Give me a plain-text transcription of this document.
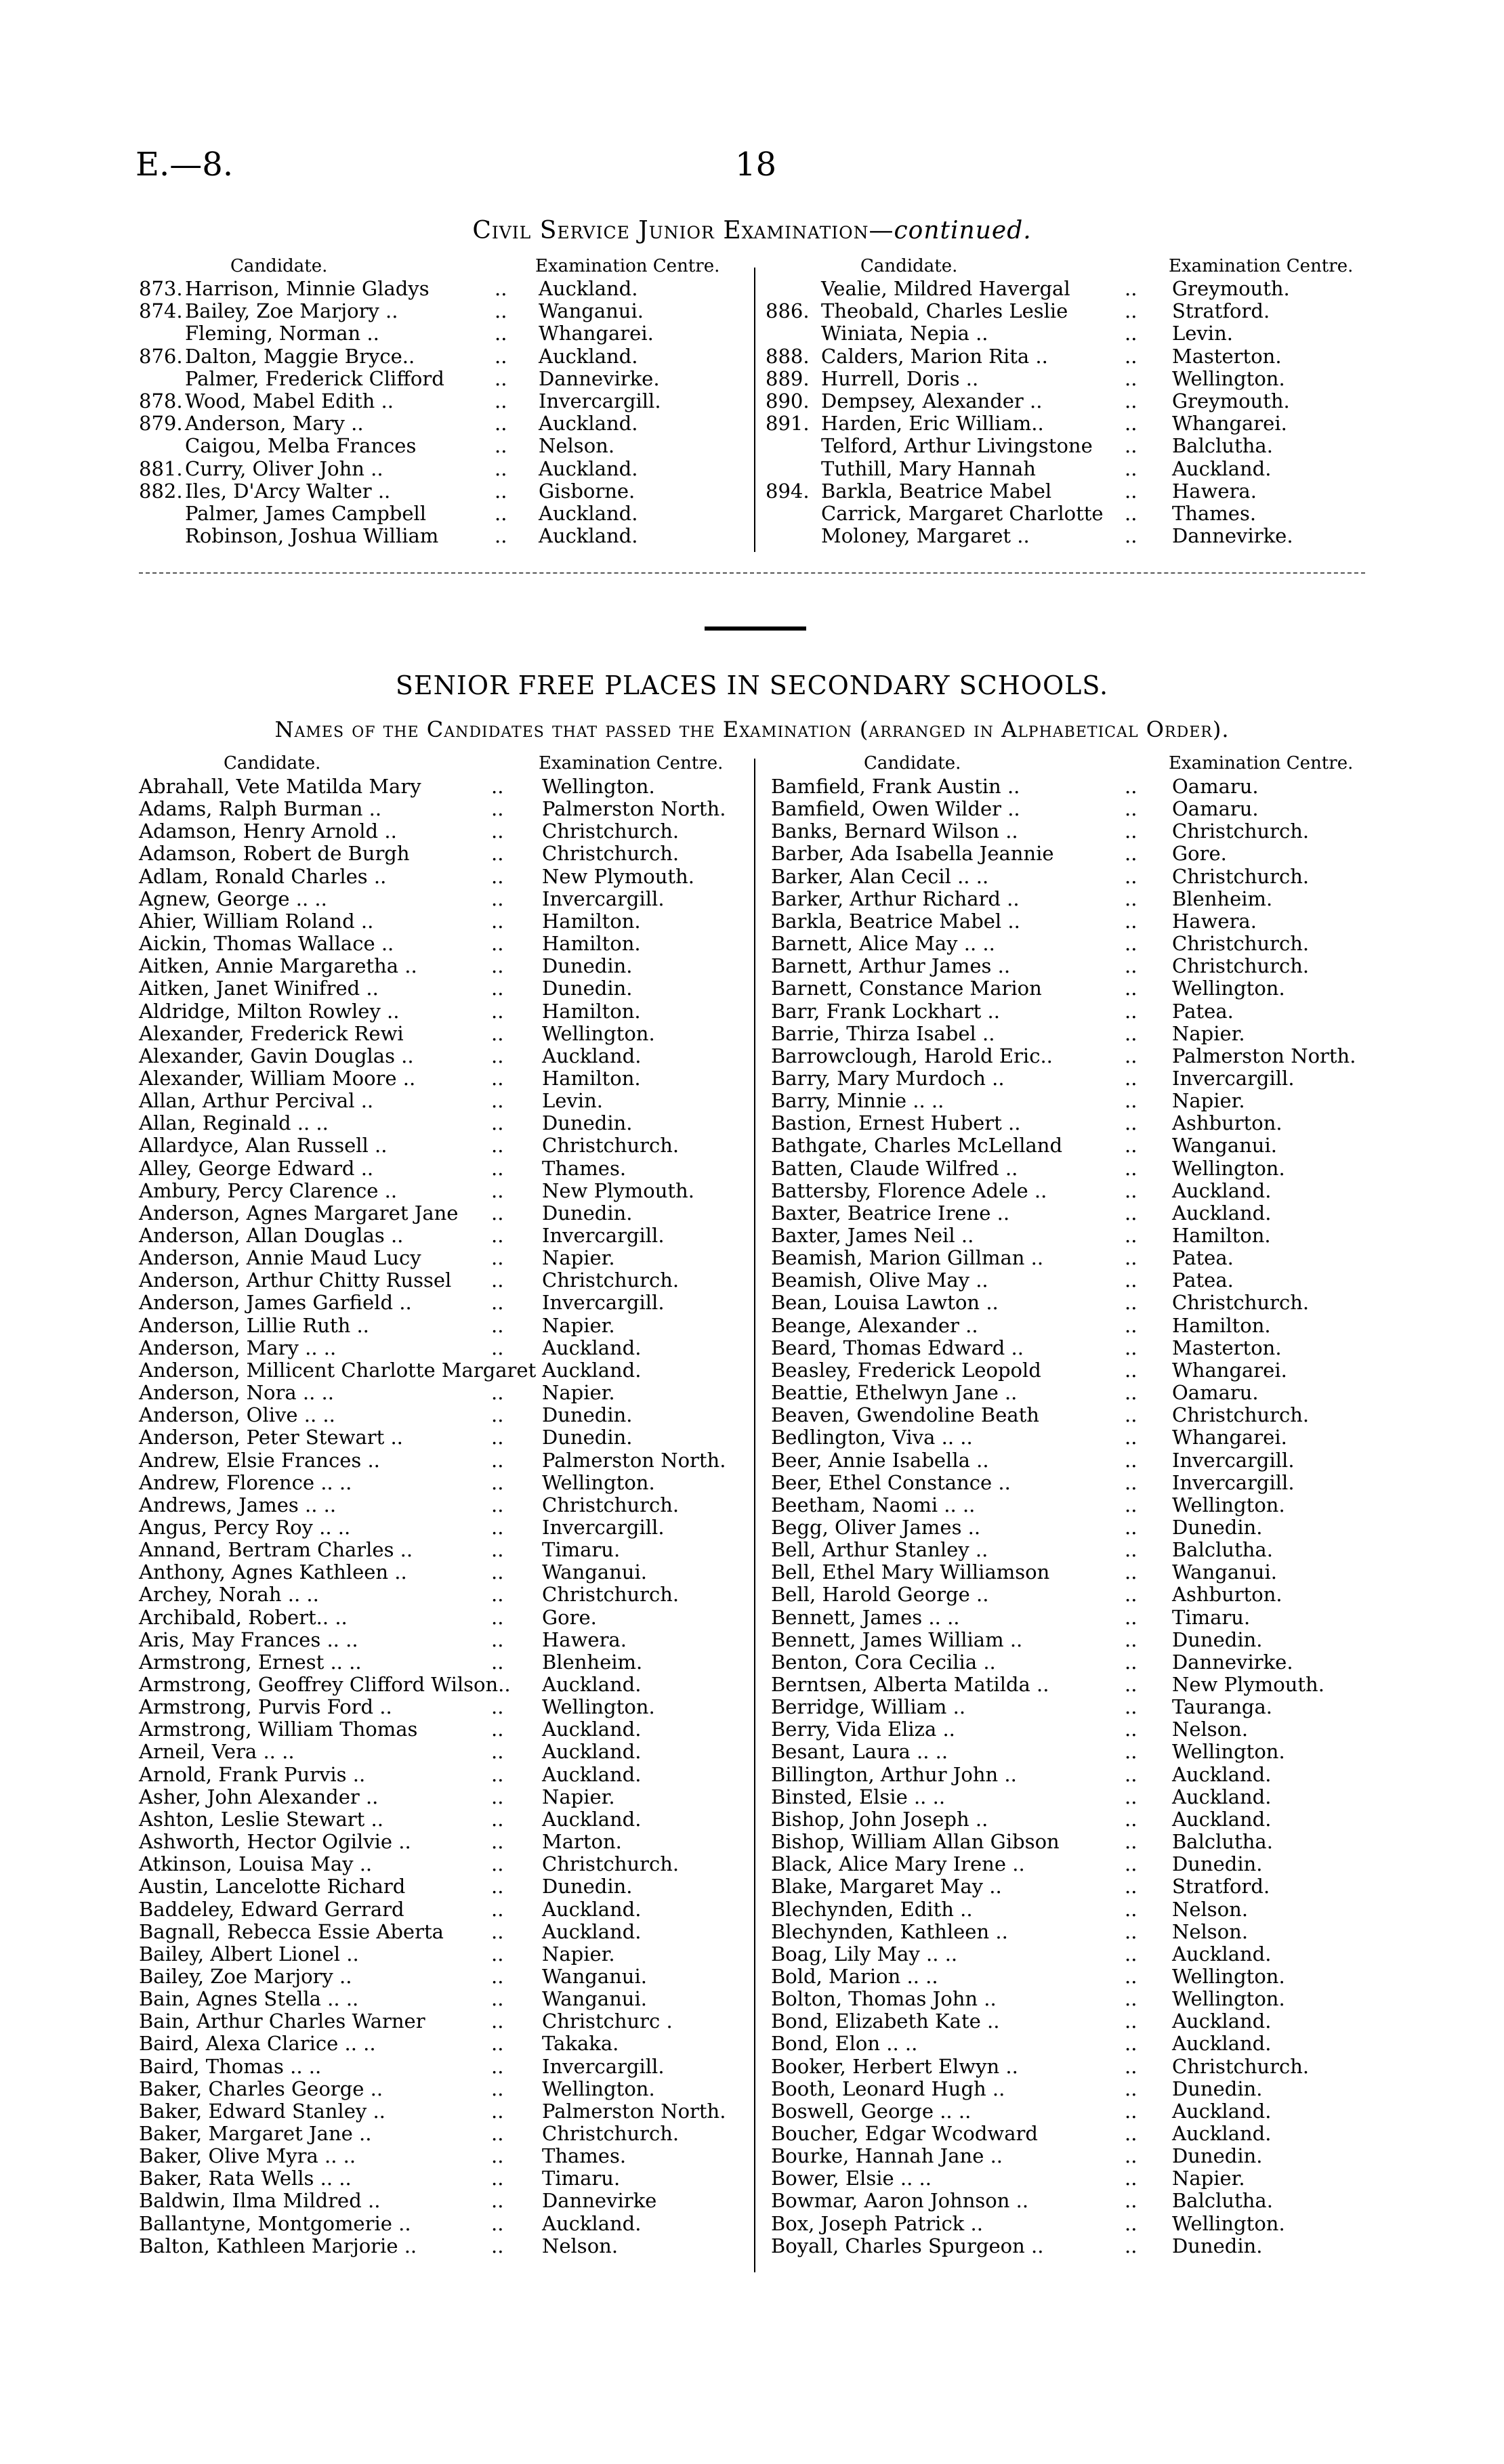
E.—8.	18
Civil Service Junior Examination—continued.
Candidate.	Examination Centre.	Candidate.	Examination Centre.
873. Harrison, Minnie Gladys	.. Auckland.
874. Bailey, Zoe Marjory ..	.. Wanganui.
Fleming, Norman ..	.. Whangarei.
876. Dalton, Maggie Bryce..	.. Auckland.
Palmer, Frederick Clifford	.. Dannevirke.
878. Wood, Mabel Edith ..	.. Invercargill.
879. Anderson, Mary ..	.. Auckland.
Caigou, Melba Frances	.. Nelson.
881. Curry, Oliver John ..	.. Auckland.
882. Iles, D'Arcy Walter ..	.. Gisborne.
Palmer, James Campbell	.. Auckland.
Robinson, Joshua William	.. Auckland.
Vealie, Mildred Havergal	.. Greymouth.
886. Theobald, Charles Leslie	.. Stratford.
Winiata, Nepia ..	.. Levin.
888. Calders, Marion Rita ..	.. Masterton.
889. Hurrell, Doris ..	.. Wellington.
890. Dempsey, Alexander ..	.. Greymouth.
891. Harden, Eric William..	.. Whangarei.
Telford, Arthur Livingstone .. Balclutha.
Tuthill, Mary Hannah	.. Auckland.
894. Barkla, Beatrice Mabel	.. Hawera.
Carrick, Margaret Charlotte .. Thames.
Moloney, Margaret ..	.. Dannevirke.
SENIOR FREE PLACES IN SECONDARY SCHOOLS.
Names of the Candidates that passed the Examination (arranged in Alphabetical Order).
Candidate.	Examination Centre.	Candidate.	Examination Centre.
Abrahall, Vete Matilda Mary	.. Wellington.
Adams, Ralph Burman ..	.. Palmerston North.
Adamson, Henry Arnold ..	.. Christchurch.
Adamson, Robert de Burgh	.. Christchurch.
Adlam, Ronald Charles ..	.. New Plymouth.
Agnew, George .. ..	.. Invercargill.
Ahier, William Roland ..	.. Hamilton.
Aickin, Thomas Wallace ..	.. Hamilton.
Aitken, Annie Margaretha ..	.. Dunedin.
Aitken, Janet Winifred ..	.. Dunedin.
Aldridge, Milton Rowley ..	.. Hamilton.
Alexander, Frederick Rewi	.. Wellington.
Alexander, Gavin Douglas ..	.. Auckland.
Alexander, William Moore ..	.. Hamilton.
Allan, Arthur Percival ..	.. Levin.
Allan, Reginald .. ..	.. Dunedin.
Allardyce, Alan Russell ..	.. Christchurch.
Alley, George Edward ..	.. Thames.
Ambury, Percy Clarence ..	.. New Plymouth.
Anderson, Agnes Margaret Jane .. Dunedin.
Anderson, Allan Douglas ..	.. Invercargill.
Anderson, Annie Maud Lucy	.. Napier.
Anderson, Arthur Chitty Russel .. Christchurch.
Anderson, James Garfield ..	.. Invercargill.
Anderson, Lillie Ruth ..	.. Napier.
Anderson, Mary .. ..	.. Auckland.
Anderson, Millicent Charlotte Margaret Auckland.
Anderson, Nora .. ..	.. Napier.
Anderson, Olive .. ..	.. Dunedin.
Anderson, Peter Stewart ..	.. Dunedin.
Andrew, Elsie Frances ..	.. Palmerston North.
Andrew, Florence .. ..	.. Wellington.
Andrews, James .. ..	.. Christchurch.
Angus, Percy Roy .. ..	.. Invercargill.
Annand, Bertram Charles ..	.. Timaru.
Anthony, Agnes Kathleen ..	.. Wanganui.
Archey, Norah .. ..	.. Christchurch.
Archibald, Robert.. ..	.. Gore.
Aris, May Frances .. ..	.. Hawera.
Armstrong, Ernest .. ..	.. Blenheim.
Armstrong, Geoffrey Clifford Wilson.. Auckland.
Armstrong, Purvis Ford ..	.. Wellington.
Armstrong, William Thomas	.. Auckland.
Arneil, Vera .. ..	.. Auckland.
Arnold, Frank Purvis ..	.. Auckland.
Asher, John Alexander ..	.. Napier.
Ashton, Leslie Stewart ..	.. Auckland.
Ashworth, Hector Ogilvie ..	.. Marton.
Atkinson, Louisa May ..	.. Christchurch.
Austin, Lancelotte Richard	.. Dunedin.
Baddeley, Edward Gerrard	.. Auckland.
Bagnall, Rebecca Essie Aberta .. Auckland.
Bailey, Albert Lionel ..	.. Napier.
Bailey, Zoe Marjory ..	.. Wanganui.
Bain, Agnes Stella .. ..	.. Wanganui.
Bain, Arthur Charles Warner	.. Christchurc .
Baird, Alexa Clarice .. ..	.. Takaka.
Baird, Thomas .. ..	.. Invercargill.
Baker, Charles George ..	.. Wellington.
Baker, Edward Stanley ..	.. Palmerston North.
Baker, Margaret Jane ..	.. Christchurch.
Baker, Olive Myra .. ..	.. Thames.
Baker, Rata Wells .. ..	.. Timaru.
Baldwin, Ilma Mildred ..	.. Dannevirke
Ballantyne, Montgomerie ..	.. Auckland.
Balton, Kathleen Marjorie ..	.. Nelson.
Bamfield, Frank Austin ..	.. Oamaru.
Bamfield, Owen Wilder ..	.. Oamaru.
Banks, Bernard Wilson ..	.. Christchurch.
Barber, Ada Isabella Jeannie	.. Gore.
Barker, Alan Cecil .. ..	.. Christchurch.
Barker, Arthur Richard ..	.. Blenheim.
Barkla, Beatrice Mabel ..	.. Hawera.
Barnett, Alice May .. ..	.. Christchurch.
Barnett, Arthur James ..	.. Christchurch.
Barnett, Constance Marion	.. Wellington.
Barr, Frank Lockhart ..	.. Patea.
Barrie, Thirza Isabel ..	.. Napier.
Barrowclough, Harold Eric..	.. Palmerston North.
Barry, Mary Murdoch ..	.. Invercargill.
Barry, Minnie .. ..	.. Napier.
Bastion, Ernest Hubert ..	.. Ashburton.
Bathgate, Charles McLelland	.. Wanganui.
Batten, Claude Wilfred ..	.. Wellington.
Battersby, Florence Adele ..	.. Auckland.
Baxter, Beatrice Irene ..	.. Auckland.
Baxter, James Neil ..	.. Hamilton.
Beamish, Marion Gillman ..	.. Patea.
Beamish, Olive May ..	.. Patea.
Bean, Louisa Lawton ..	.. Christchurch.
Beange, Alexander ..	.. Hamilton.
Beard, Thomas Edward ..	.. Masterton.
Beasley, Frederick Leopold	.. Whangarei.
Beattie, Ethelwyn Jane ..	.. Oamaru.
Beaven, Gwendoline Beath	.. Christchurch.
Bedlington, Viva .. ..	.. Whangarei.
Beer, Annie Isabella ..	.. Invercargill.
Beer, Ethel Constance ..	.. Invercargill.
Beetham, Naomi .. ..	.. Wellington.
Begg, Oliver James ..	.. Dunedin.
Bell, Arthur Stanley ..	.. Balclutha.
Bell, Ethel Mary Williamson	.. Wanganui.
Bell, Harold George ..	.. Ashburton.
Bennett, James .. ..	.. Timaru.
Bennett, James William ..	.. Dunedin.
Benton, Cora Cecilia ..	.. Dannevirke.
Berntsen, Alberta Matilda ..	.. New Plymouth.
Berridge, William ..	.. Tauranga.
Berry, Vida Eliza ..	.. Nelson.
Besant, Laura .. ..	.. Wellington.
Billington, Arthur John ..	.. Auckland.
Binsted, Elsie .. ..	.. Auckland.
Bishop, John Joseph ..	.. Auckland.
Bishop, William Allan Gibson	.. Balclutha.
Black, Alice Mary Irene ..	.. Dunedin.
Blake, Margaret May ..	.. Stratford.
Blechynden, Edith ..	.. Nelson.
Blechynden, Kathleen ..	.. Nelson.
Boag, Lily May .. ..	.. Auckland.
Bold, Marion .. ..	.. Wellington.
Bolton, Thomas John ..	.. Wellington.
Bond, Elizabeth Kate ..	.. Auckland.
Bond, Elon .. ..	.. Auckland.
Booker, Herbert Elwyn ..	.. Christchurch.
Booth, Leonard Hugh ..	.. Dunedin.
Boswell, George .. ..	.. Auckland.
Boucher, Edgar Wcodward	.. Auckland.
Bourke, Hannah Jane ..	.. Dunedin.
Bower, Elsie .. ..	.. Napier.
Bowmar, Aaron Johnson ..	.. Balclutha.
Box, Joseph Patrick ..	.. Wellington.
Boyall, Charles Spurgeon ..	.. Dunedin.
